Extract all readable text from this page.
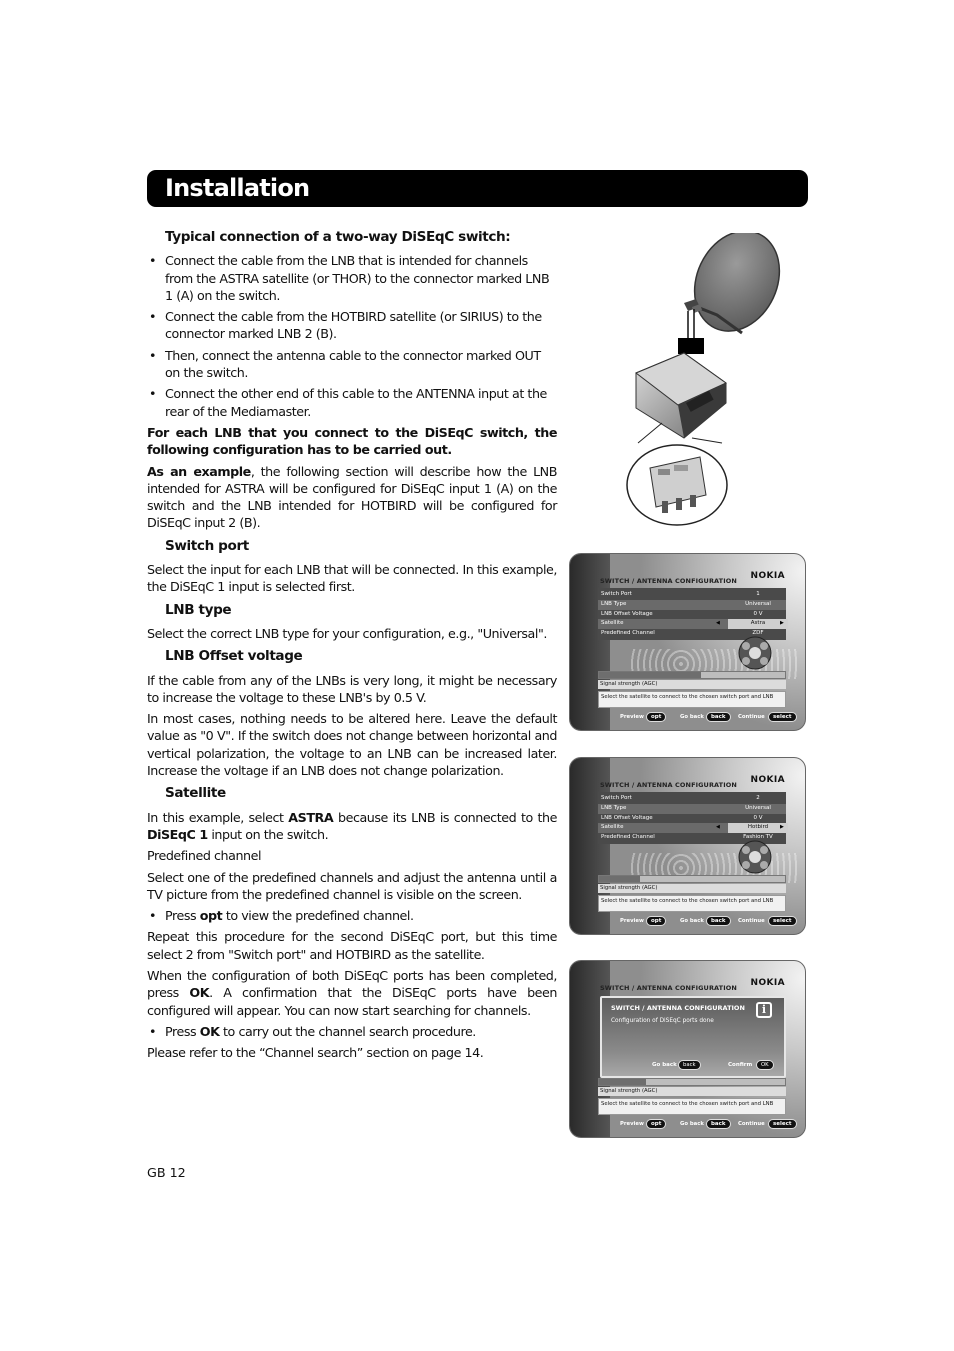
Installation
Typical connection of a two-way DiSEqC switch:
• Connect the cable from the LNB that is intended for channels from the ASTRA satellite (or THOR) to the connector marked LNB 1 (A) on the switch.
• Connect the cable from the HOTBIRD satellite (or SIRIUS) to the connector marked LNB 2 (B).
• Then, connect the antenna cable to the connector marked OUT on the switch.
• Connect the other end of this cable to the ANTENNA input at the rear of the Mediamaster.

For each LNB that you connect to the DiSEqC switch, the following configuration has to be carried out.

As an example, the following section will describe how the LNB intended for ASTRA will be configured for DiSEqC input 1 (A) on the switch and the LNB intended for HOTBIRD will be configured for DiSEqC input 2 (B).

Switch port

Select the input for each LNB that will be connected. In this example, the DiSEqC 1 input is selected first.

LNB type

Select the correct LNB type for your configuration, e.g., "Universal".

LNB Offset voltage

If the cable from any of the LNBs is very long, it might be necessary to increase the voltage to these LNB's by 0.5 V.

In most cases, nothing needs to be altered here. Leave the default value as "0 V". If the switch does not change between horizontal and vertical polarization, the voltage to an LNB can be increased later. Increase the voltage if an LNB does not change polarization.

Satellite

In this example, select ASTRA because its LNB is connected to the DiSEqC 1 input on the switch.

Predefined channel

Select one of the predefined channels and adjust the antenna until a TV picture from the predefined channel is visible on the screen.

• Press opt to view the predefined channel.

Repeat this procedure for the second DiSEqC port, but this time select 2 from "Switch port" and HOTBIRD as the satellite.

When the configuration of both DiSEqC ports has been completed, press OK. A confirmation that the DiSEqC ports have been configured will appear. You can now start searching for channels.

• Press OK to carry out the channel search procedure.

Please refer to the “Channel search” section on page 14.

NOKIA
SWITCH / ANTENNA CONFIGURATION
Switch Port	1
LNB Type	Universal
LNB Offset Voltage	0 V
Satellite	◀	Astra	▶
Predefined Channel	ZDF
Signal strength (AGC)
Select the satellite to connect to the chosen switch port and LNB
Preview	opt	Go back	back	Continue	select
NOKIA
SWITCH / ANTENNA CONFIGURATION
Switch Port	2
LNB Type	Universal
LNB Offset Voltage	0 V
Satellite	◀	Hotbird	▶
Predefined Channel	Fashion TV
Signal strength (AGC)
Select the satellite to connect to the chosen switch port and LNB
Preview	opt	Go back	back	Continue	select
NOKIA
SWITCH / ANTENNA CONFIGURATION
SWITCH / ANTENNA CONFIGURATION	i
Configuration of DiSEqC ports done
Go back	back	Confirm	OK
Signal strength (AGC)
Select the satellite to connect to the chosen switch port and LNB
Preview	opt	Go back	back	Continue	select
GB 12
